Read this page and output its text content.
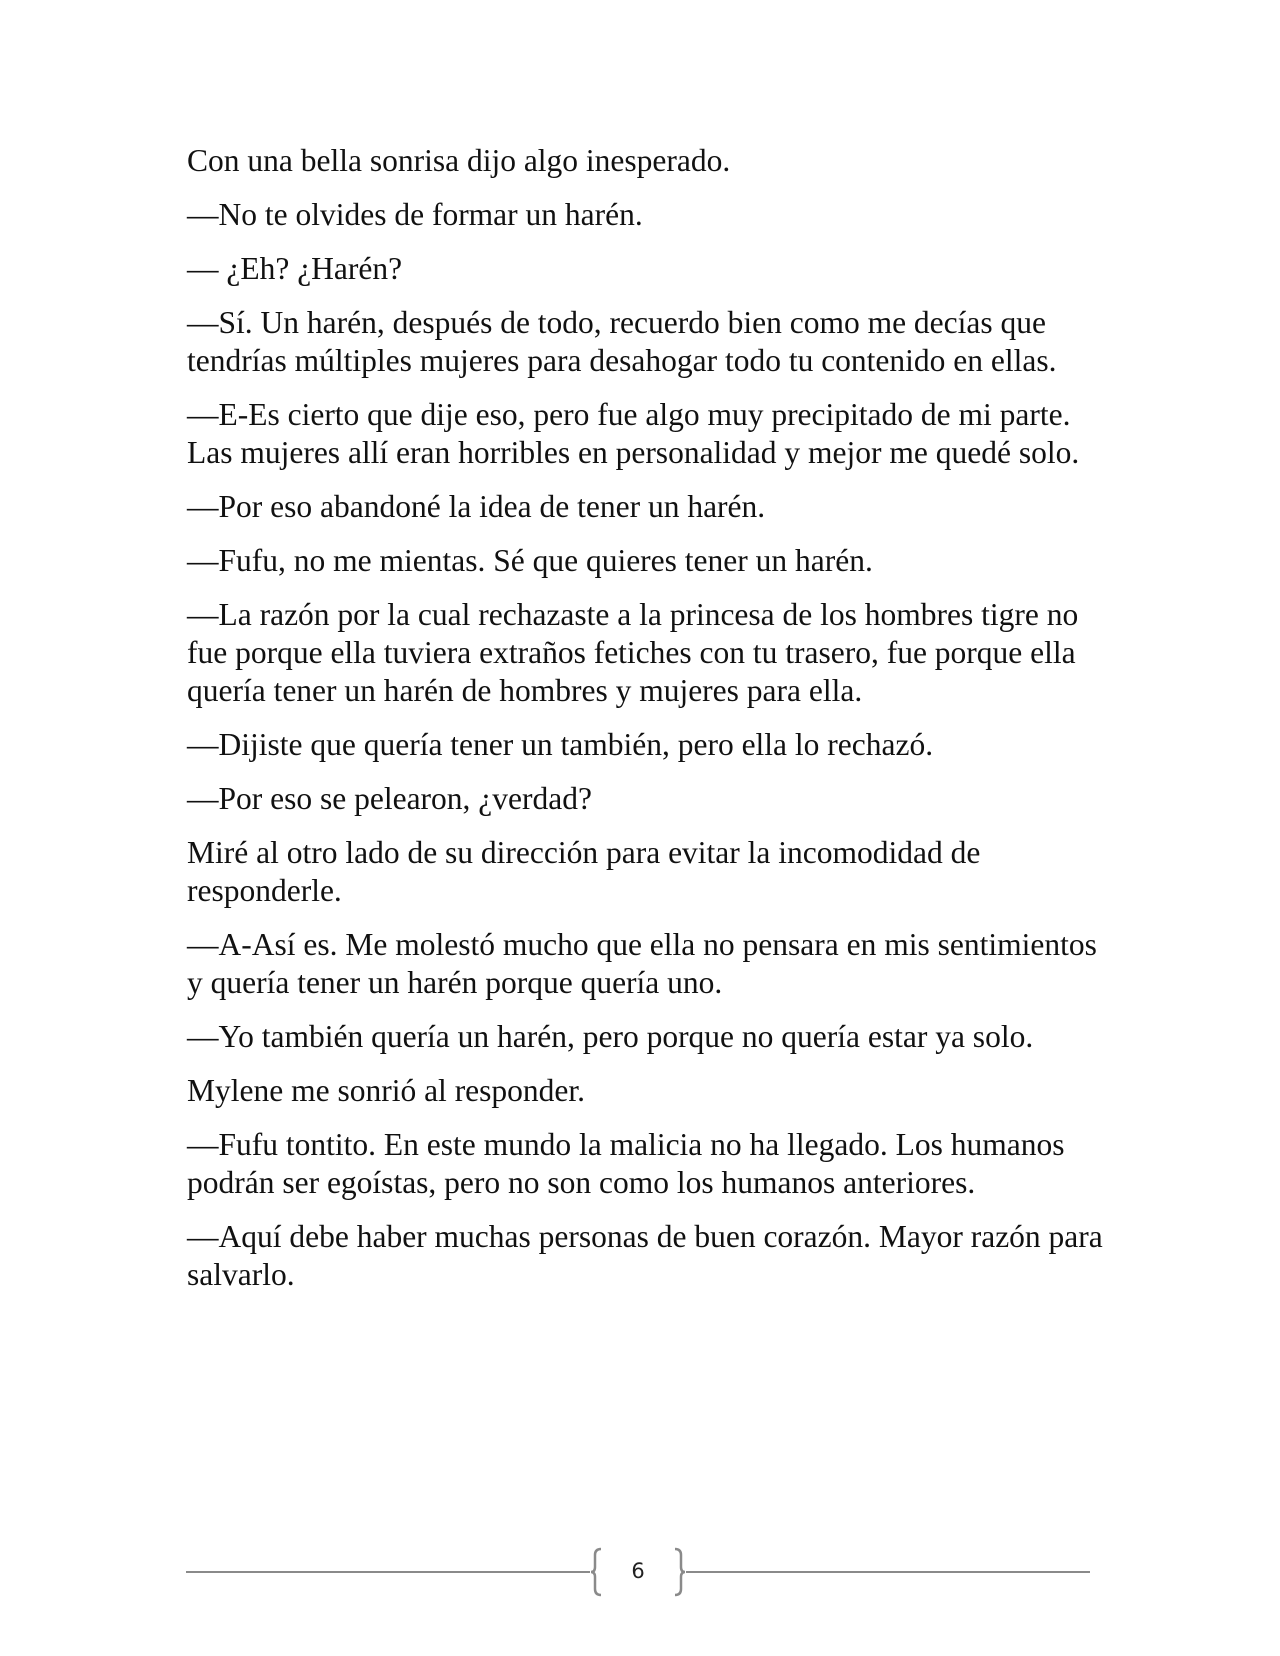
Con una bella sonrisa dijo algo inesperado.

—No te olvides de formar un harén.

— ¿Eh? ¿Harén?

—Sí. Un harén, después de todo, recuerdo bien como me decías que tendrías múltiples mujeres para desahogar todo tu contenido en ellas.

—E-Es cierto que dije eso, pero fue algo muy precipitado de mi parte. Las mujeres allí eran horribles en personalidad y mejor me quedé solo.

—Por eso abandoné la idea de tener un harén.

—Fufu, no me mientas. Sé que quieres tener un harén.

—La razón por la cual rechazaste a la princesa de los hombres tigre no fue porque ella tuviera extraños fetiches con tu trasero, fue porque ella quería tener un harén de hombres y mujeres para ella.

—Dijiste que quería tener un también, pero ella lo rechazó.

—Por eso se pelearon, ¿verdad?

Miré al otro lado de su dirección para evitar la incomodidad de responderle.

—A-Así es. Me molestó mucho que ella no pensara en mis sentimientos y quería tener un harén porque quería uno.

—Yo también quería un harén, pero porque no quería estar ya solo.

Mylene me sonrió al responder.

—Fufu tontito. En este mundo la malicia no ha llegado. Los humanos podrán ser egoístas, pero no son como los humanos anteriores.

—Aquí debe haber muchas personas de buen corazón. Mayor razón para salvarlo.

6
